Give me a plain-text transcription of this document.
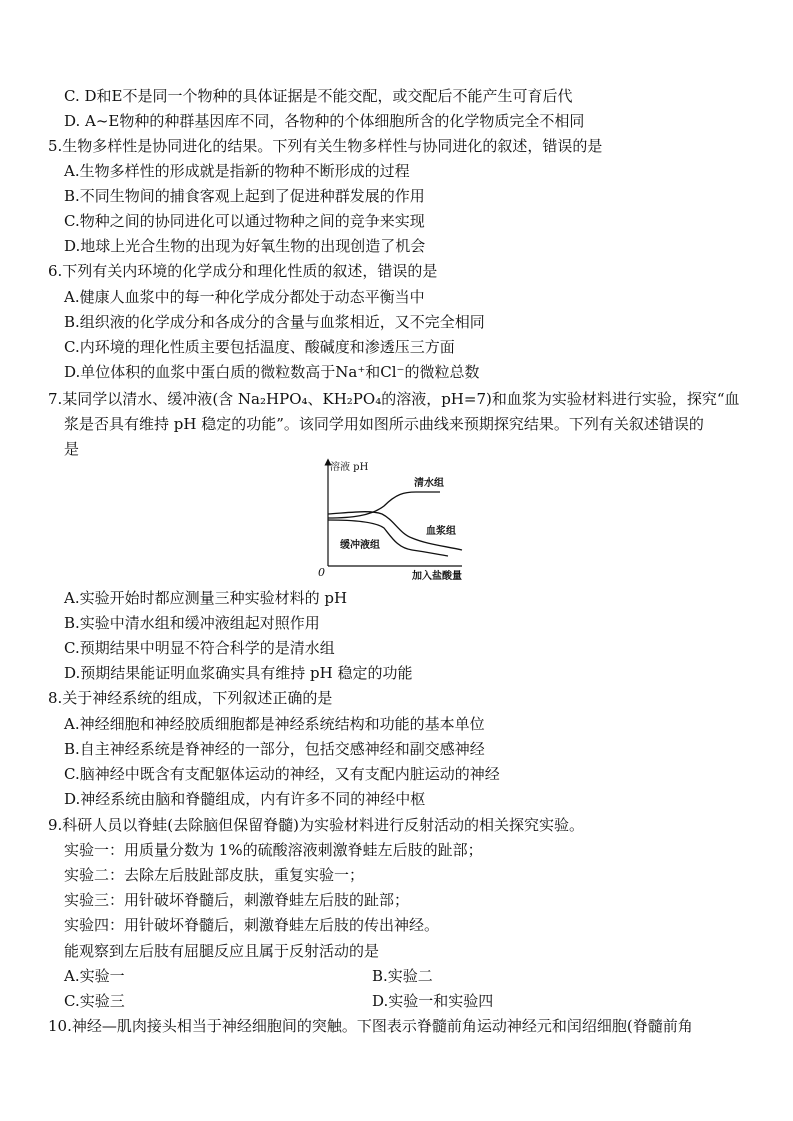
C. D和E不是同一个物种的具体证据是不能交配，或交配后不能产生可育后代
D. A~E物种的种群基因库不同，各物种的个体细胞所含的化学物质完全不相同
5.生物多样性是协同进化的结果。下列有关生物多样性与协同进化的叙述，错误的是
A.生物多样性的形成就是指新的物种不断形成的过程
B.不同生物间的捕食客观上起到了促进种群发展的作用
C.物种之间的协同进化可以通过物种之间的竞争来实现
D.地球上光合生物的出现为好氧生物的出现创造了机会
6.下列有关内环境的化学成分和理化性质的叙述，错误的是
A.健康人血浆中的每一种化学成分都处于动态平衡当中
B.组织液的化学成分和各成分的含量与血浆相近，又不完全相同
C.内环境的理化性质主要包括温度、酸碱度和渗透压三方面
D.单位体积的血浆中蛋白质的微粒数高于Na⁺和Cl⁻的微粒总数
7.某同学以清水、缓冲液(含 Na₂HPO₄、KH₂PO₄的溶液，pH=7)和血浆为实验材料进行实验，探究“血
浆是否具有维持 pH 稳定的功能”。该同学用如图所示曲线来预期探究结果。下列有关叙述错误的
是
溶液 pH
加入盐酸量
0
清水组
血浆组
缓冲液组
A.实验开始时都应测量三种实验材料的 pH
B.实验中清水组和缓冲液组起对照作用
C.预期结果中明显不符合科学的是清水组
D.预期结果能证明血浆确实具有维持 pH 稳定的功能
8.关于神经系统的组成，下列叙述正确的是
A.神经细胞和神经胶质细胞都是神经系统结构和功能的基本单位
B.自主神经系统是脊神经的一部分，包括交感神经和副交感神经
C.脑神经中既含有支配躯体运动的神经，又有支配内脏运动的神经
D.神经系统由脑和脊髓组成，内有许多不同的神经中枢
9.科研人员以脊蛙(去除脑但保留脊髓)为实验材料进行反射活动的相关探究实验。
实验一：用质量分数为 1%的硫酸溶液刺激脊蛙左后肢的趾部；
实验二：去除左后肢趾部皮肤，重复实验一；
实验三：用针破坏脊髓后，刺激脊蛙左后肢的趾部；
实验四：用针破坏脊髓后，刺激脊蛙左后肢的传出神经。
能观察到左后肢有屈腿反应且属于反射活动的是
A.实验一	B.实验二
C.实验三	D.实验一和实验四
10.神经—肌肉接头相当于神经细胞间的突触。下图表示脊髓前角运动神经元和闰绍细胞(脊髓前角
